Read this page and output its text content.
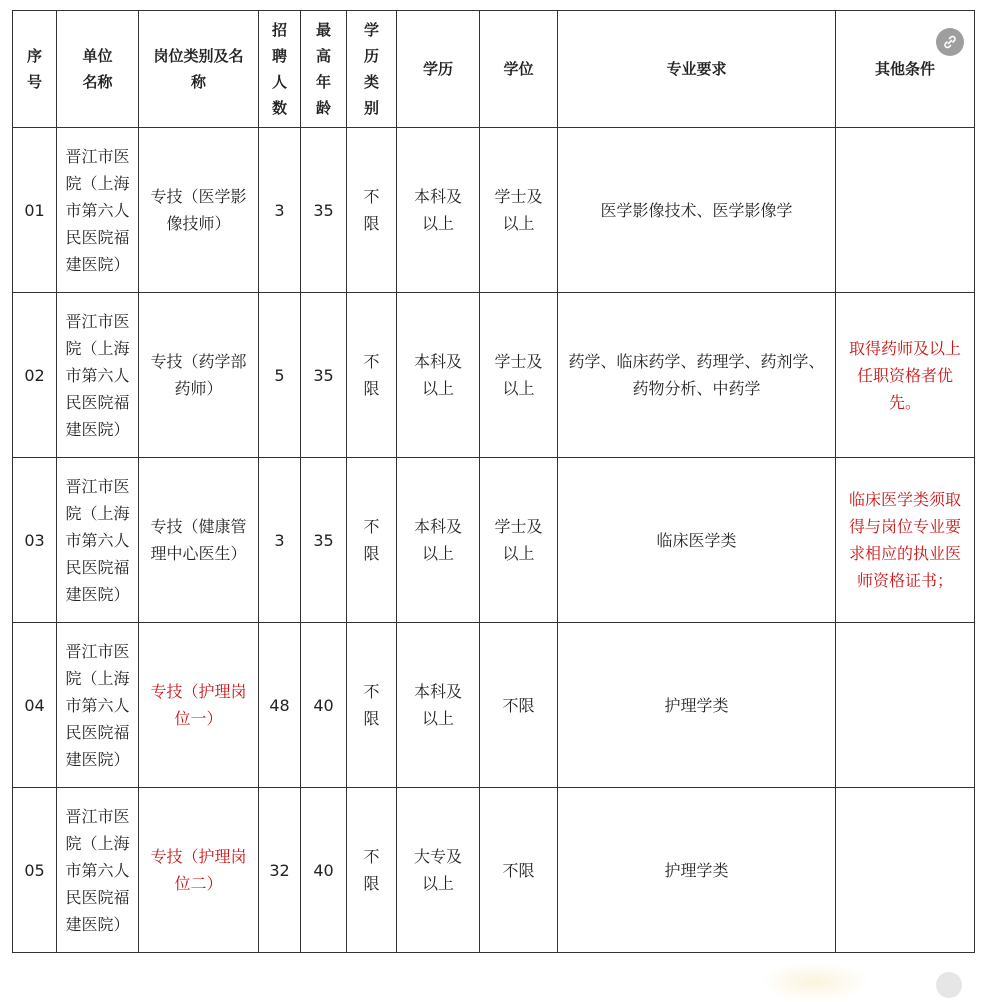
序号	单位名称	岗位类别及名称	招聘人数	最高年龄	学历类别	学历	学位	专业要求	其他条件
01	晋江市医院（上海市第六人民医院福建医院）	专技（医学影像技师）	3	35	不限	本科及以上	学士及以上	医学影像技术、医学影像学	
02	晋江市医院（上海市第六人民医院福建医院）	专技（药学部药师）	5	35	不限	本科及以上	学士及以上	药学、临床药学、药理学、药剂学、药物分析、中药学	取得药师及以上任职资格者优先。
03	晋江市医院（上海市第六人民医院福建医院）	专技（健康管理中心医生）	3	35	不限	本科及以上	学士及以上	临床医学类	临床医学类须取得与岗位专业要求相应的执业医师资格证书；
04	晋江市医院（上海市第六人民医院福建医院）	专技（护理岗位一）	48	40	不限	本科及以上	不限	护理学类	
05	晋江市医院（上海市第六人民医院福建医院）	专技（护理岗位二）	32	40	不限	大专及以上	不限	护理学类	
